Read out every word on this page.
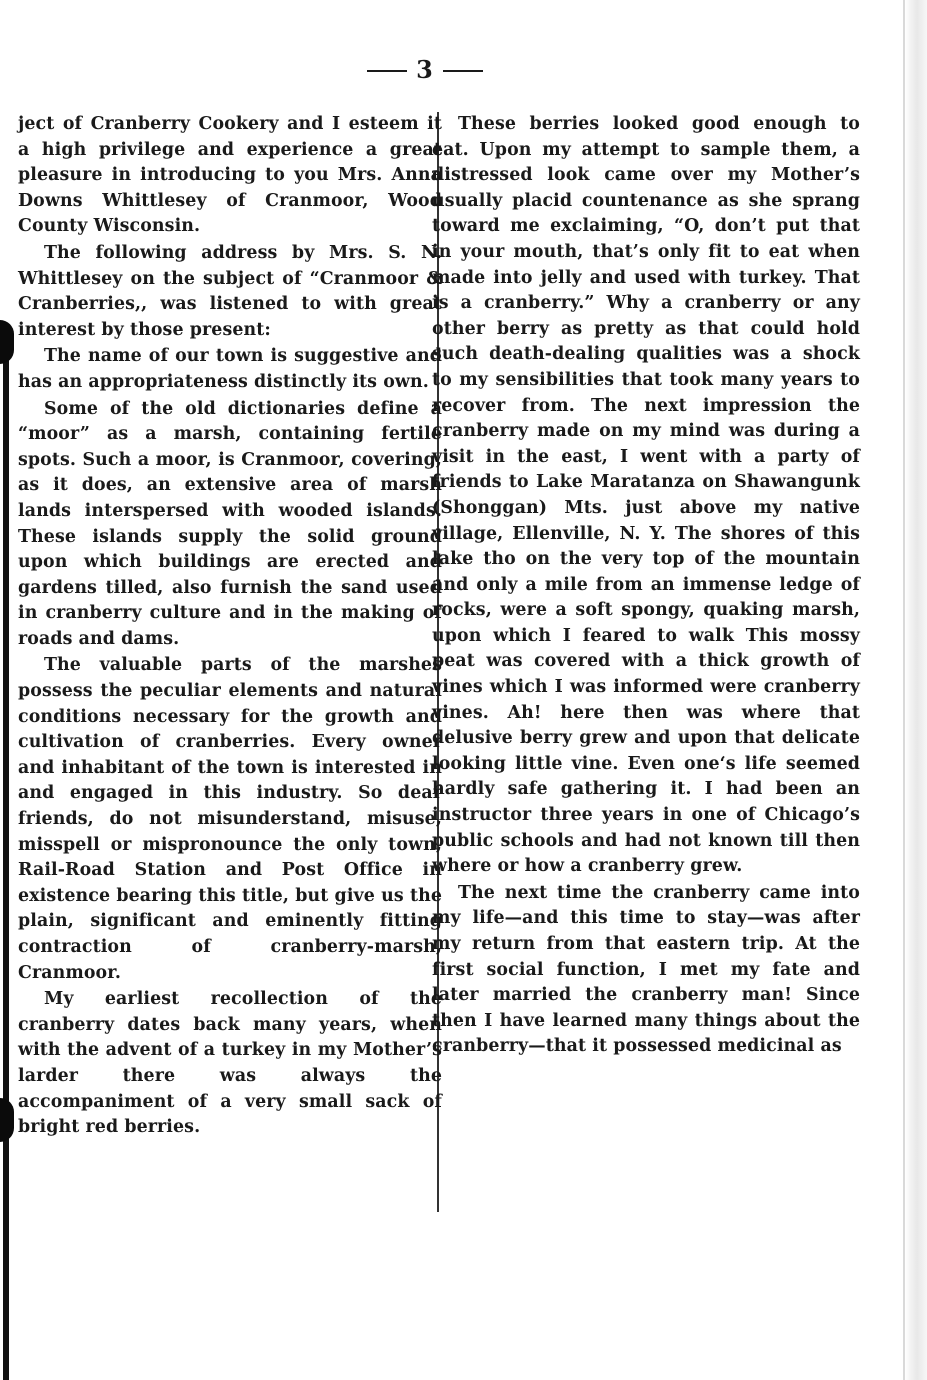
3

ject of Cranberry Cookery and I esteem it a high privilege and experience a great pleasure in introducing to you Mrs. Anna Downs Whittlesey of Cranmoor, Wood County Wisconsin.

The following address by Mrs. S. N. Whittlesey on the subject of “Cranmoor & Cranberries,, was listened to with great interest by those present:

The name of our town is suggestive and has an appropriateness distinctly its own.

Some of the old dictionaries define a “moor” as a marsh, containing fertile spots. Such a moor, is Cranmoor, covering, as it does, an extensive area of marsh lands interspersed with wooded islands. These islands supply the solid ground upon which buildings are erected and gardens tilled, also furnish the sand used in cranberry culture and in the making of roads and dams.

The valuable parts of the marshes possess the peculiar elements and natural conditions necessary for the growth and cultivation of cranberries. Every owner and inhabitant of the town is interested in and engaged in this industry. So dear friends, do not misunderstand, misuse, misspell or mispronounce the only town, Rail-Road Station and Post Office in existence bearing this title, but give us the plain, significant and eminently fitting contraction of cranberry-marsh, Cranmoor.

My earliest recollection of the cranberry dates back many years, when with the advent of a turkey in my Mother’s larder there was always the accompaniment of a very small sack of bright red berries.

These berries looked good enough to eat. Upon my attempt to sample them, a distressed look came over my Mother’s usually placid countenance as she sprang toward me exclaiming, “O, don’t put that in your mouth, that’s only fit to eat when made into jelly and used with turkey. That is a cranberry.” Why a cranberry or any other berry as pretty as that could hold such death-dealing qualities was a shock to my sensibilities that took many years to recover from. The next impression the cranberry made on my mind was during a visit in the east, I went with a party of friends to Lake Maratanza on Shawangunk (Shonggan) Mts. just above my native village, Ellenville, N. Y. The shores of this lake tho on the very top of the mountain and only a mile from an immense ledge of rocks, were a soft spongy, quaking marsh, upon which I feared to walk This mossy peat was covered with a thick growth of vines which I was informed were cranberry vines. Ah! here then was where that delusive berry grew and upon that delicate looking little vine. Even one‘s life seemed hardly safe gathering it. I had been an instructor three years in one of Chicago’s public schools and had not known till then where or how a cranberry grew.

The next time the cranberry came into my life—and this time to stay—was after my return from that eastern trip. At the first social function, I met my fate and later married the cranberry man! Since then I have learned many things about the cranberry—that it possessed medicinal as
